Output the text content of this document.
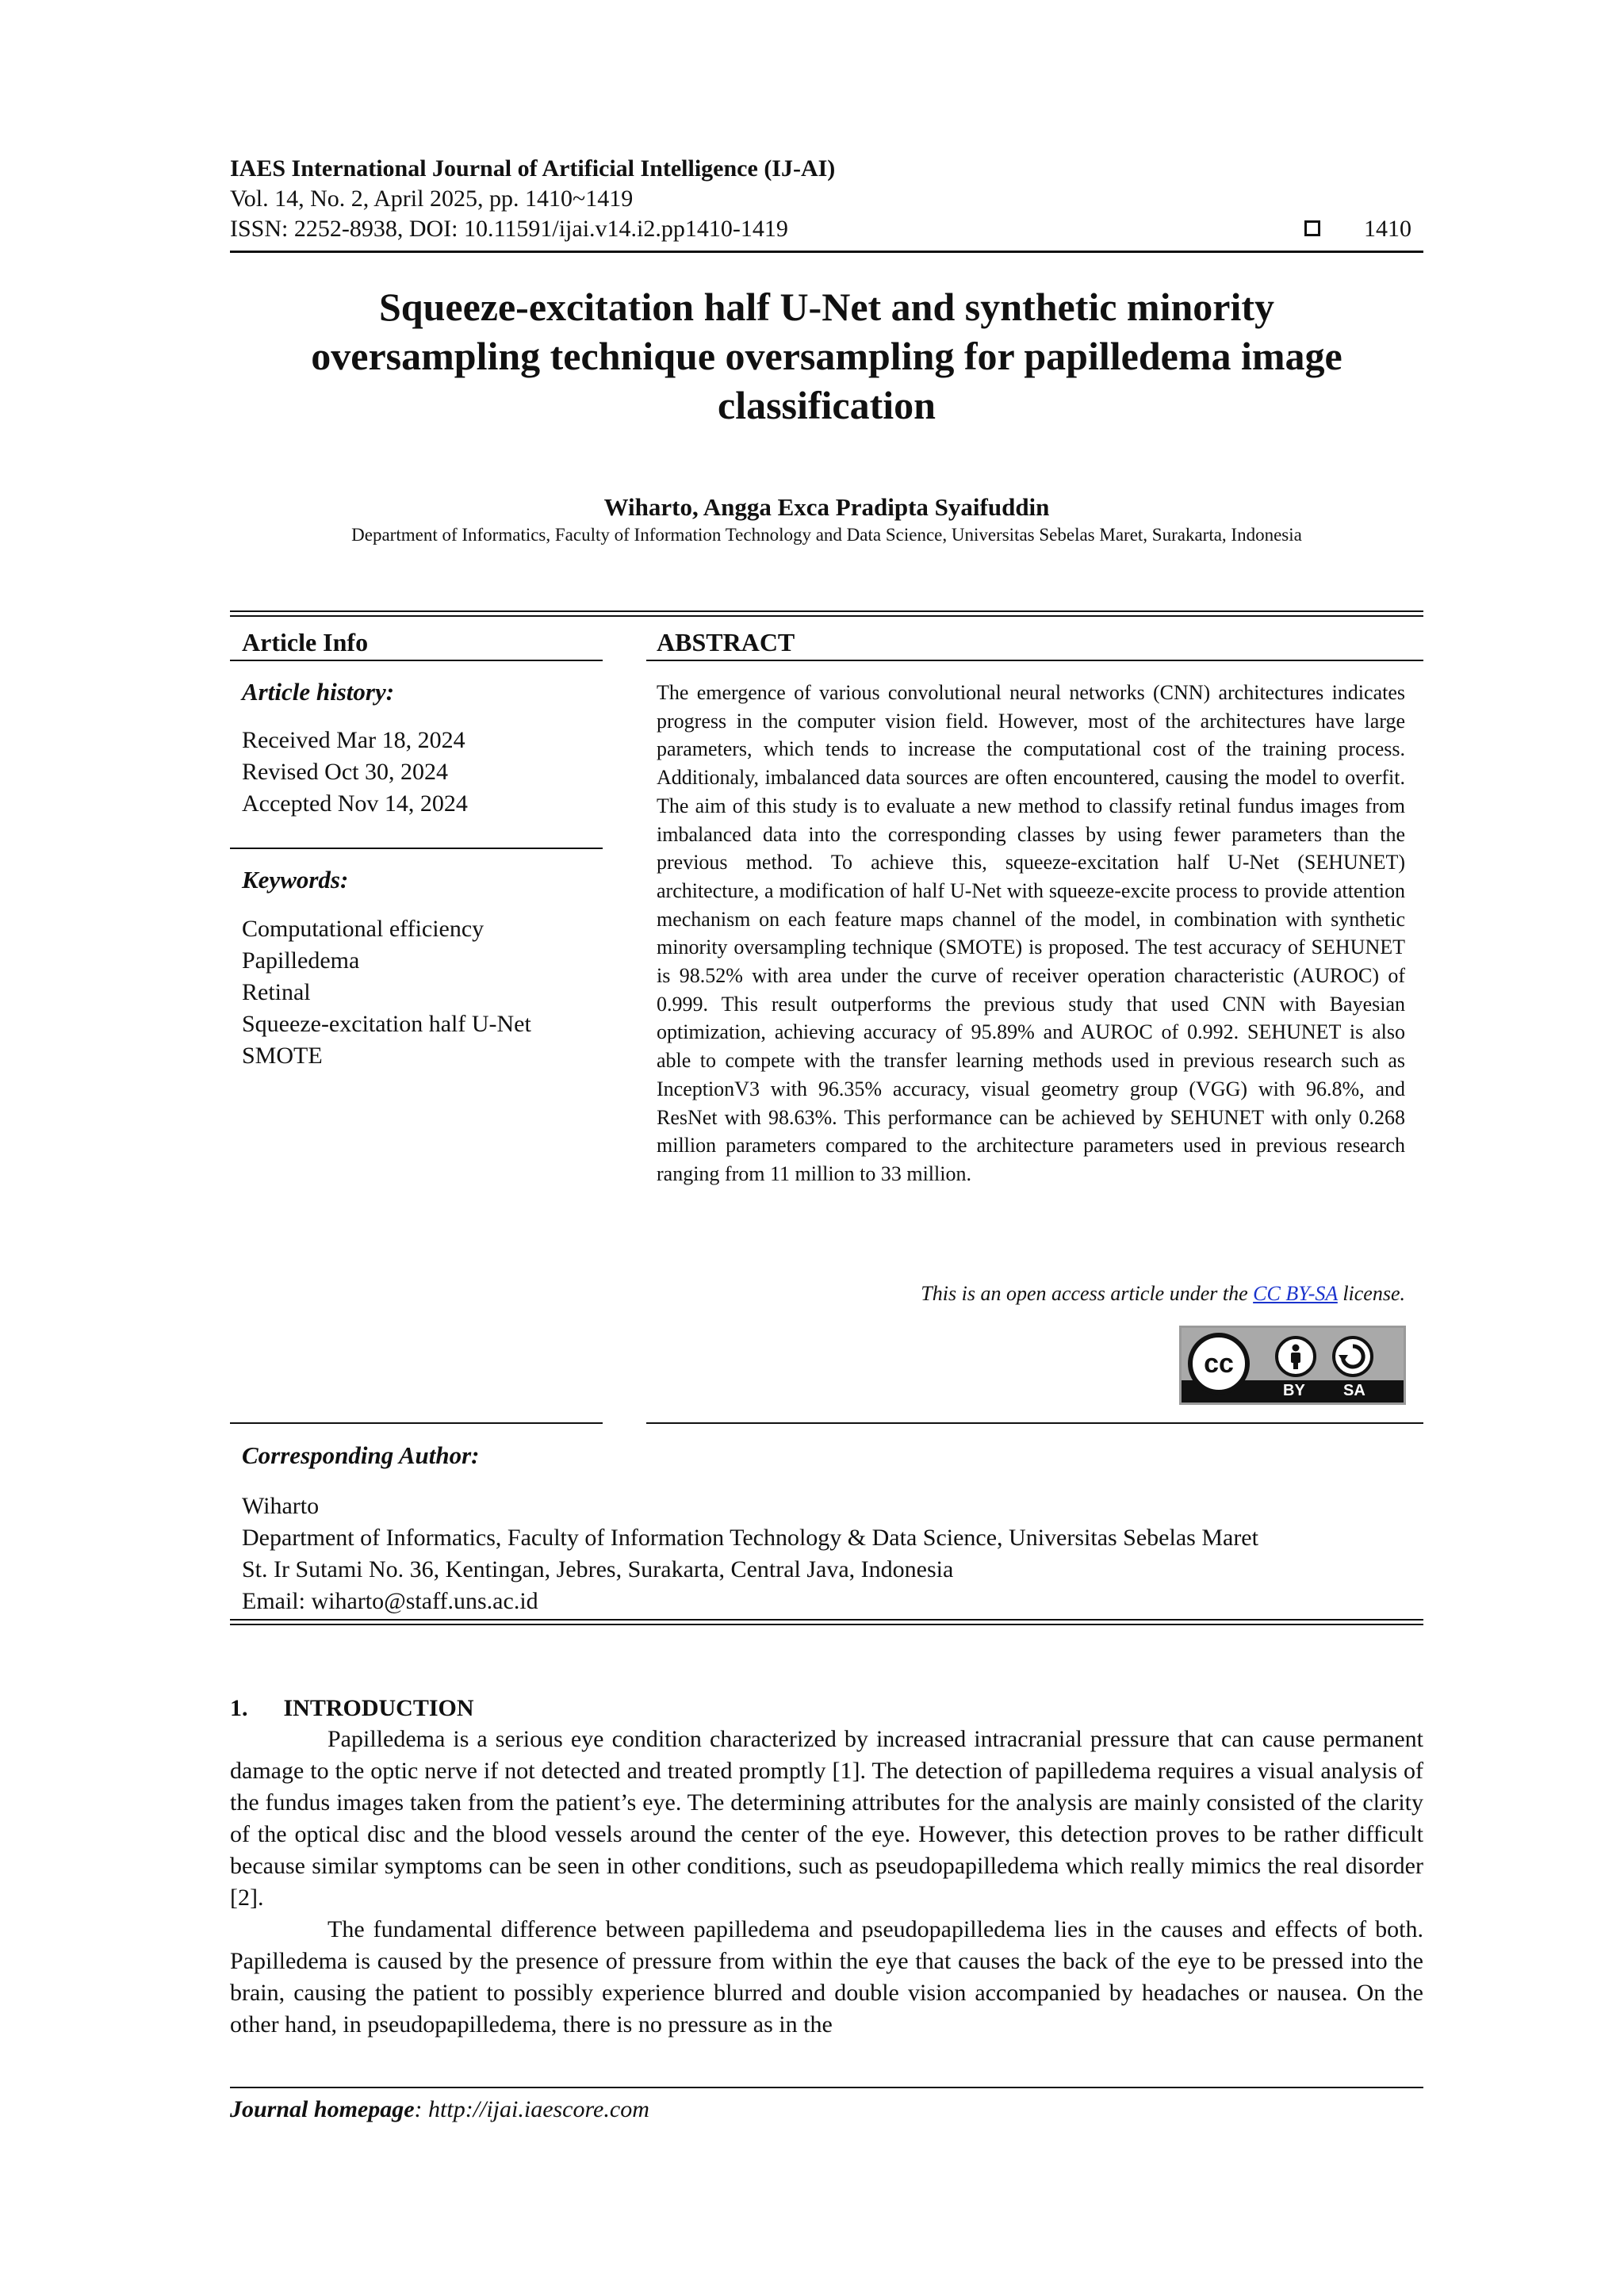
IAES International Journal of Artificial Intelligence (IJ-AI)
Vol. 14, No. 2, April 2025, pp. 1410~1419
ISSN: 2252-8938, DOI: 10.11591/ijai.v14.i2.pp1410-1419	1410
Squeeze-excitation half U-Net and synthetic minority
oversampling technique oversampling for papilledema image
classification
Wiharto, Angga Exca Pradipta Syaifuddin
Department of Informatics, Faculty of Information Technology and Data Science, Universitas Sebelas Maret, Surakarta, Indonesia
Article Info
Article history:
Received Mar 18, 2024
Revised Oct 30, 2024
Accepted Nov 14, 2024
Keywords:
Computational efficiency
Papilledema
Retinal
Squeeze-excitation half U-Net
SMOTE
ABSTRACT
The emergence of various convolutional neural networks (CNN) architectures indicates progress in the computer vision field. However, most of the architectures have large parameters, which tends to increase the computational cost of the training process. Additionaly, imbalanced data sources are often encountered, causing the model to overfit. The aim of this study is to evaluate a new method to classify retinal fundus images from imbalanced data into the corresponding classes by using fewer parameters than the previous method. To achieve this, squeeze-excitation half U-Net (SEHUNET) architecture, a modification of half U-Net with squeeze-excite process to provide attention mechanism on each feature maps channel of the model, in combination with synthetic minority oversampling technique (SMOTE) is proposed. The test accuracy of SEHUNET is 98.52% with area under the curve of receiver operation characteristic (AUROC) of 0.999. This result outperforms the previous study that used CNN with Bayesian optimization, achieving accuracy of 95.89% and AUROC of 0.992. SEHUNET is also able to compete with the transfer learning methods used in previous research such as InceptionV3 with 96.35% accuracy, visual geometry group (VGG) with 96.8%, and ResNet with 98.63%. This performance can be achieved by SEHUNET with only 0.268 million parameters compared to the architecture parameters used in previous research ranging from 11 million to 33 million.
This is an open access article under the CC BY-SA license.
cc
BY SA
Corresponding Author:
Wiharto
Department of Informatics, Faculty of Information Technology & Data Science, Universitas Sebelas Maret
St. Ir Sutami No. 36, Kentingan, Jebres, Surakarta, Central Java, Indonesia
Email: wiharto@staff.uns.ac.id
1.      INTRODUCTION
Papilledema is a serious eye condition characterized by increased intracranial pressure that can cause permanent damage to the optic nerve if not detected and treated promptly [1]. The detection of papilledema requires a visual analysis of the fundus images taken from the patient’s eye. The determining attributes for the analysis are mainly consisted of the clarity of the optical disc and the blood vessels around the center of the eye. However, this detection proves to be rather difficult because similar symptoms can be seen in other conditions, such as pseudopapilledema which really mimics the real disorder [2].
The fundamental difference between papilledema and pseudopapilledema lies in the causes and effects of both. Papilledema is caused by the presence of pressure from within the eye that causes the back of the eye to be pressed into the brain, causing the patient to possibly experience blurred and double vision accompanied by headaches or nausea. On the other hand, in pseudopapilledema, there is no pressure as in the
Journal homepage: http://ijai.iaescore.com
